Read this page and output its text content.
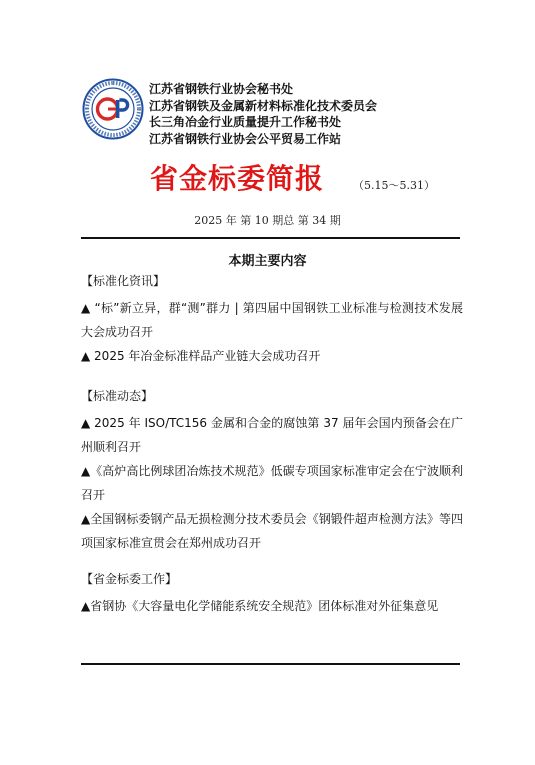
江苏省钢铁行业协会秘书处
江苏省钢铁及金属新材料标准化技术委员会
长三角冶金行业质量提升工作秘书处
江苏省钢铁行业协会公平贸易工作站
省金标委简报	（5.15～5.31）
2025 年 第 10 期总 第 34 期
本期主要内容

【标准化资讯】

▲ “标”新立异，群“测”群力 | 第四届中国钢铁工业标准与检测技术发展大会成功召开

▲ 2025 年冶金标准样品产业链大会成功召开

【标准动态】

▲ 2025 年 ISO/TC156 金属和合金的腐蚀第 37 届年会国内预备会在广州顺利召开

▲《高炉高比例球团冶炼技术规范》低碳专项国家标准审定会在宁波顺利召开

▲全国钢标委钢产品无损检测分技术委员会《钢锻件超声检测方法》等四项国家标准宣贯会在郑州成功召开

【省金标委工作】

▲省钢协《大容量电化学储能系统安全规范》团体标准对外征集意见
